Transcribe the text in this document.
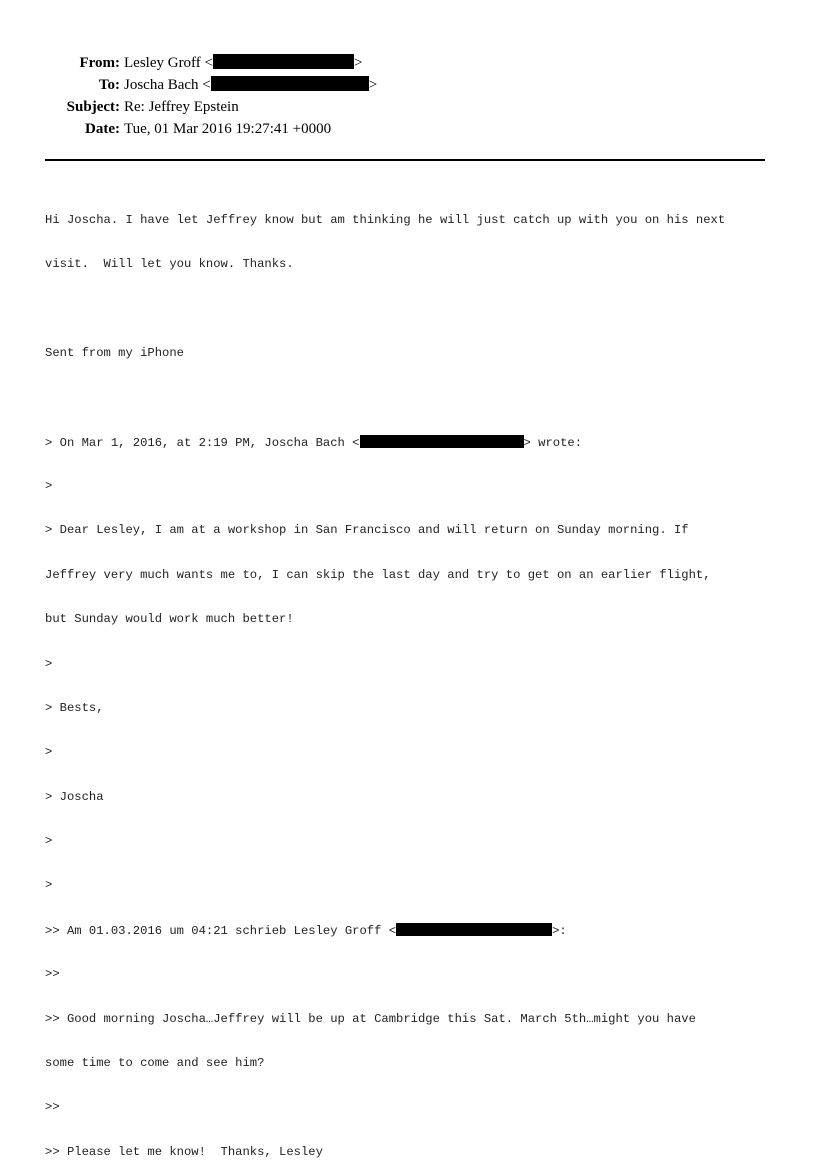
From: Lesley Groff <	>
To: Joscha Bach <	>
Subject: Re: Jeffrey Epstein
Date: Tue, 01 Mar 2016 19:27:41 +0000

Hi Joscha. I have let Jeffrey know but am thinking he will just catch up with you on his next

visit.  Will let you know. Thanks.

Sent from my iPhone

> On Mar 1, 2016, at 2:19 PM, Joscha Bach <	> wrote:

>

> Dear Lesley, I am at a workshop in San Francisco and will return on Sunday morning. If

Jeffrey very much wants me to, I can skip the last day and try to get on an earlier flight,

but Sunday would work much better!

>

> Bests,

>

> Joscha

>

>

>> Am 01.03.2016 um 04:21 schrieb Lesley Groff <	>:

>>

>> Good morning Joscha…Jeffrey will be up at Cambridge this Sat. March 5th…might you have

some time to come and see him?

>>

>> Please let me know!  Thanks, Lesley
